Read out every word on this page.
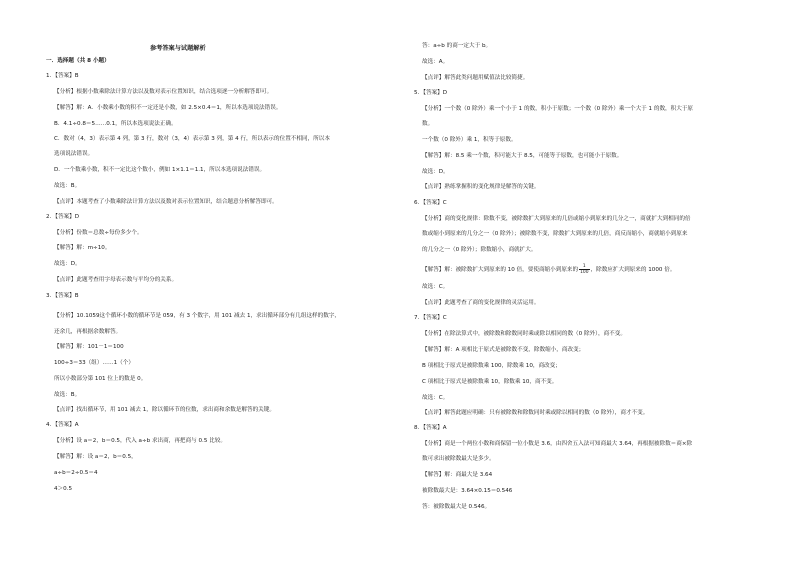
参考答案与试题解析
一．选择题（共 8 小题）
1．【答案】B
【分析】根据小数乘除法计算方法以及数对表示位置知识，结合选项逐一分析解答即可。
【解答】解：A．小数乘小数的积不一定还是小数，如 2.5×0.4＝1，所以本选项说法错误。
B．4.1÷0.8＝5……0.1，所以本选项说法正确。
C．数对（4，3）表示第 4 列，第 3 行，数对（3，4）表示第 3 列，第 4 行，所以表示的位置不相同，所以本
选项说法错误。
D．一个数乘小数，积不一定比这个数小，例如 1×1.1＝1.1，所以本选项说法错误。
故选：B。
【点评】本题考查了小数乘除法计算方法以及数对表示位置知识，结合题意分析解答即可。
2．【答案】D
【分析】份数＝总数÷每份多少个。
【解答】解：m÷10。
故选：D。
【点评】此题考查用字母表示数与平均分的关系。
3．【答案】B
【分析】10.1059这个循环小数的循环节是 059，有 3 个数字，用 101 减去 1，求出循环部分有几组这样的数字，
还余几，再根据余数解答。
【解答】解：101－1＝100
100÷3＝33（组）……1（个）
所以小数部分第 101 位上的数是 0。
故选：B。
【点评】找出循环节，用 101 减去 1，除以循环节的位数，求出商和余数是解答的关键。
4．【答案】A
【分析】设 a＝2，b＝0.5，代入 a÷b 求出商，再把商与 0.5 比较。
【解答】解：设 a＝2，b＝0.5，
a÷b＝2÷0.5＝4
4＞0.5
答：a÷b 的商一定大于 b。
故选：A。
【点评】解答此类问题用赋值法比较简捷。
5．【答案】D
【分析】一个数（0 除外）乘一个小于 1 的数，积小于原数；一个数（0 除外）乘一个大于 1 的数，积大于原
数。
一个数（0 除外）乘 1，积等于原数。
【解答】解：8.5 乘一个数，积可能大于 8.5，可能等于原数，也可能小于原数。
故选：D。
【点评】熟练掌握积的变化规律是解答的关键。
6．【答案】C
【分析】商的变化规律：除数不变，被除数扩大到原来的几倍或缩小到原来的几分之一，商就扩大到相同的倍
数或缩小到原来的几分之一（0 除外）；被除数不变，除数扩大到原来的几倍，商反而缩小，商就缩小到原来
的几分之一（0 除外）；除数缩小，商就扩大。
【解答】解：被除数扩大到原来的 10 倍，要使商缩小到原来的 $\frac{1}{100}$ ，除数应扩大到原来的 1000 倍。
故选：C。
【点评】此题考查了商的变化规律的灵活运用。
7．【答案】C
【分析】在除法算式中，被除数和除数同时乘或除以相同的数（0 除外），商不变。
【解答】解：A 项相比于原式是被除数不变，除数缩小，商改变；
B 项相比于原式是被除数乘 100，除数乘 10，商改变；
C 项相比于原式是被除数乘 10，除数乘 10，商不变。
故选：C。
【点评】解答此题应明确：只有被除数和除数同时乘或除以相同的数（0 除外），商才不变。
8．【答案】A
【分析】商是一个两位小数和商保留一位小数是 3.6，由四舍五入法可知商最大 3.64，再根据被除数＝商×除
数可求出被除数最大是多少。
【解答】解：商最大是 3.64
被除数最大是：3.64×0.15＝0.546
答：被除数最大是 0.546。
